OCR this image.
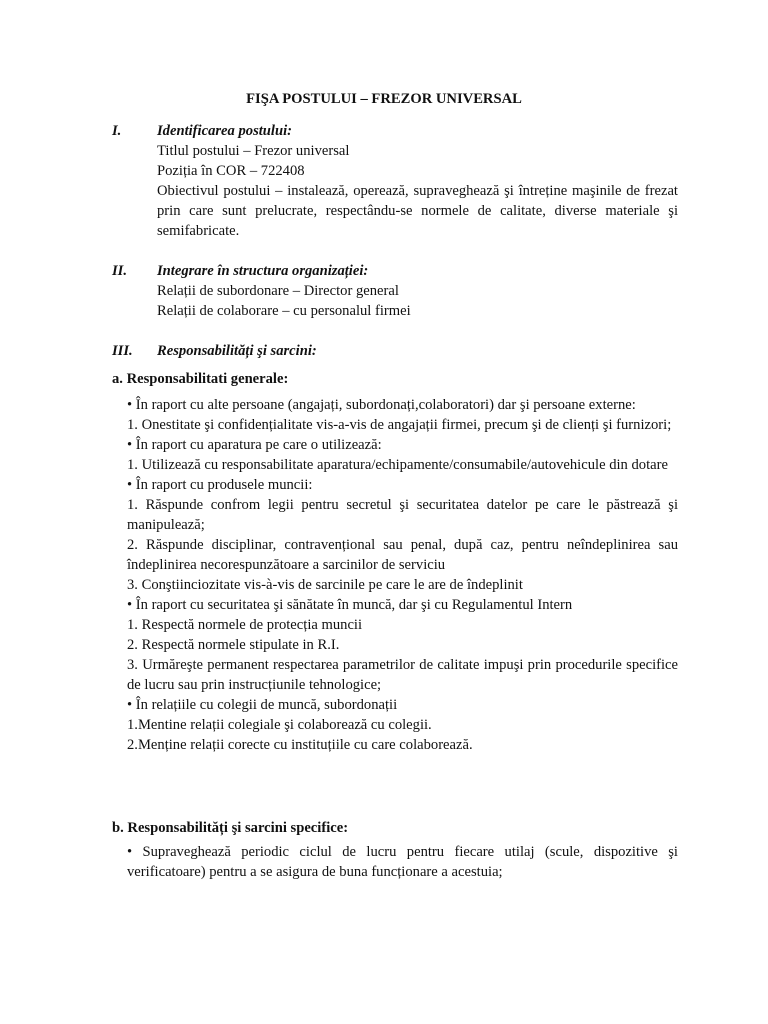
FIŞA POSTULUI – FREZOR UNIVERSAL
I. Identificarea postului:
Titlul postului – Frezor universal
Poziția în COR – 722408
Obiectivul postului – instalează, operează, supraveghează şi întreține maşinile de frezat prin care sunt prelucrate, respectându-se normele de calitate, diverse materiale şi semifabricate.
II. Integrare în structura organizației:
Relații de subordonare – Director general
Relații de colaborare – cu personalul firmei
III. Responsabilități şi sarcini:
a. Responsabilitati generale:
• În raport cu alte persoane (angajați, subordonați,colaboratori) dar şi persoane externe:
1. Onestitate şi confidențialitate vis-a-vis de angajații firmei, precum şi de clienți şi furnizori;
• În raport cu aparatura pe care o utilizează:
1. Utilizează cu responsabilitate aparatura/echipamente/consumabile/autovehicule din dotare
• În raport cu produsele muncii:
1. Răspunde confrom legii pentru secretul şi securitatea datelor pe care le păstrează şi manipulează;
2. Răspunde disciplinar, contravențional sau penal, după caz, pentru neîndeplinirea sau îndeplinirea necorespunzătoare a sarcinilor de serviciu
3. Conştiinciozitate vis-à-vis de sarcinile pe care le are de îndeplinit
• În raport cu securitatea şi sănătate în muncă, dar şi cu Regulamentul Intern
1. Respectă normele de protecția muncii
2. Respectă normele stipulate in R.I.
3. Urmăreşte permanent respectarea parametrilor de calitate impuşi prin procedurile specifice de lucru sau prin instrucțiunile tehnologice;
• În relațiile cu colegii de muncă, subordonații
1.Mentine relații colegiale şi colaborează cu colegii.
2.Menține relații corecte cu instituțiile cu care colaborează.
b. Responsabilități şi sarcini specifice:
• Supraveghează periodic ciclul de lucru pentru fiecare utilaj (scule, dispozitive şi verificatoare) pentru a se asigura de buna funcționare a acestuia;
